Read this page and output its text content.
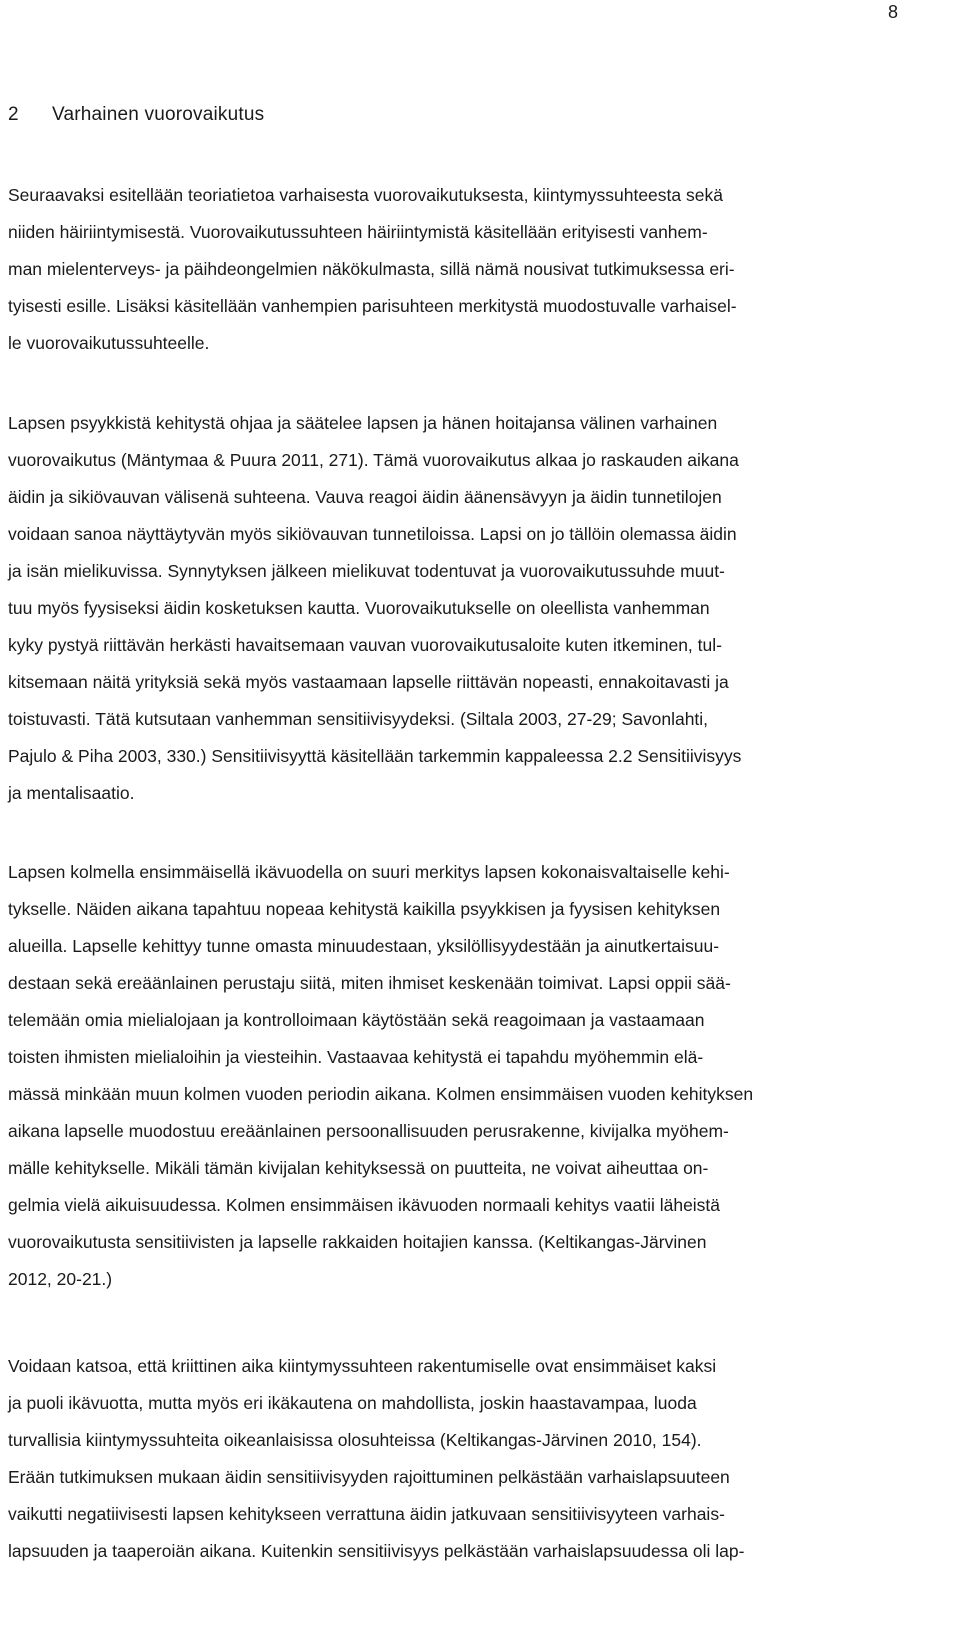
8
2 Varhainen vuorovaikutus
Seuraavaksi esitellään teoriatietoa varhaisesta vuorovaikutuksesta, kiintymyssuhteesta sekä
niiden häiriintymisestä. Vuorovaikutussuhteen häiriintymistä käsitellään erityisesti vanhem-
man mielenterveys- ja päihdeongelmien näkökulmasta, sillä nämä nousivat tutkimuksessa eri-
tyisesti esille. Lisäksi käsitellään vanhempien parisuhteen merkitystä muodostuvalle varhaisel-
le vuorovaikutussuhteelle.
Lapsen psyykkistä kehitystä ohjaa ja säätelee lapsen ja hänen hoitajansa välinen varhainen
vuorovaikutus (Mäntymaa & Puura 2011, 271). Tämä vuorovaikutus alkaa jo raskauden aikana
äidin ja sikiövauvan välisenä suhteena. Vauva reagoi äidin äänensävyyn ja äidin tunnetilojen
voidaan sanoa näyttäytyvän myös sikiövauvan tunnetiloissa. Lapsi on jo tällöin olemassa äidin
ja isän mielikuvissa. Synnytyksen jälkeen mielikuvat todentuvat ja vuorovaikutussuhde muut-
tuu myös fyysiseksi äidin kosketuksen kautta. Vuorovaikutukselle on oleellista vanhemman
kyky pystyä riittävän herkästi havaitsemaan vauvan vuorovaikutusaloite kuten itkeminen, tul-
kitsemaan näitä yrityksiä sekä myös vastaamaan lapselle riittävän nopeasti, ennakoitavasti ja
toistuvasti. Tätä kutsutaan vanhemman sensitiivisyydeksi. (Siltala 2003, 27-29; Savonlahti,
Pajulo & Piha 2003, 330.) Sensitiivisyyttä käsitellään tarkemmin kappaleessa 2.2 Sensitiivisyys
ja mentalisaatio.
Lapsen kolmella ensimmäisellä ikävuodella on suuri merkitys lapsen kokonaisvaltaiselle kehi-
tykselle. Näiden aikana tapahtuu nopeaa kehitystä kaikilla psyykkisen ja fyysisen kehityksen
alueilla. Lapselle kehittyy tunne omasta minuudestaan, yksilöllisyydestään ja ainutkertaisuu-
destaan sekä ereäänlainen perustaju siitä, miten ihmiset keskenään toimivat. Lapsi oppii sää-
telemään omia mielialojaan ja kontrolloimaan käytöstään sekä reagoimaan ja vastaamaan
toisten ihmisten mielialoihin ja viesteihin. Vastaavaa kehitystä ei tapahdu myöhemmin elä-
mässä minkään muun kolmen vuoden periodin aikana. Kolmen ensimmäisen vuoden kehityksen
aikana lapselle muodostuu ereäänlainen persoonallisuuden perusrakenne, kivijalka myöhem-
mälle kehitykselle. Mikäli tämän kivijalan kehityksessä on puutteita, ne voivat aiheuttaa on-
gelmia vielä aikuisuudessa. Kolmen ensimmäisen ikävuoden normaali kehitys vaatii läheistä
vuorovaikutusta sensitiivisten ja lapselle rakkaiden hoitajien kanssa. (Keltikangas-Järvinen
2012, 20-21.)
Voidaan katsoa, että kriittinen aika kiintymyssuhteen rakentumiselle ovat ensimmäiset kaksi
ja puoli ikävuotta, mutta myös eri ikäkautena on mahdollista, joskin haastavampaa, luoda
turvallisia kiintymyssuhteita oikeanlaisissa olosuhteissa (Keltikangas-Järvinen 2010, 154).
Erään tutkimuksen mukaan äidin sensitiivisyyden rajoittuminen pelkästään varhaislapsuuteen
vaikutti negatiivisesti lapsen kehitykseen verrattuna äidin jatkuvaan sensitiivisyyteen varhais-
lapsuuden ja taaperoiän aikana. Kuitenkin sensitiivisyys pelkästään varhaislapsuudessa oli lap-
